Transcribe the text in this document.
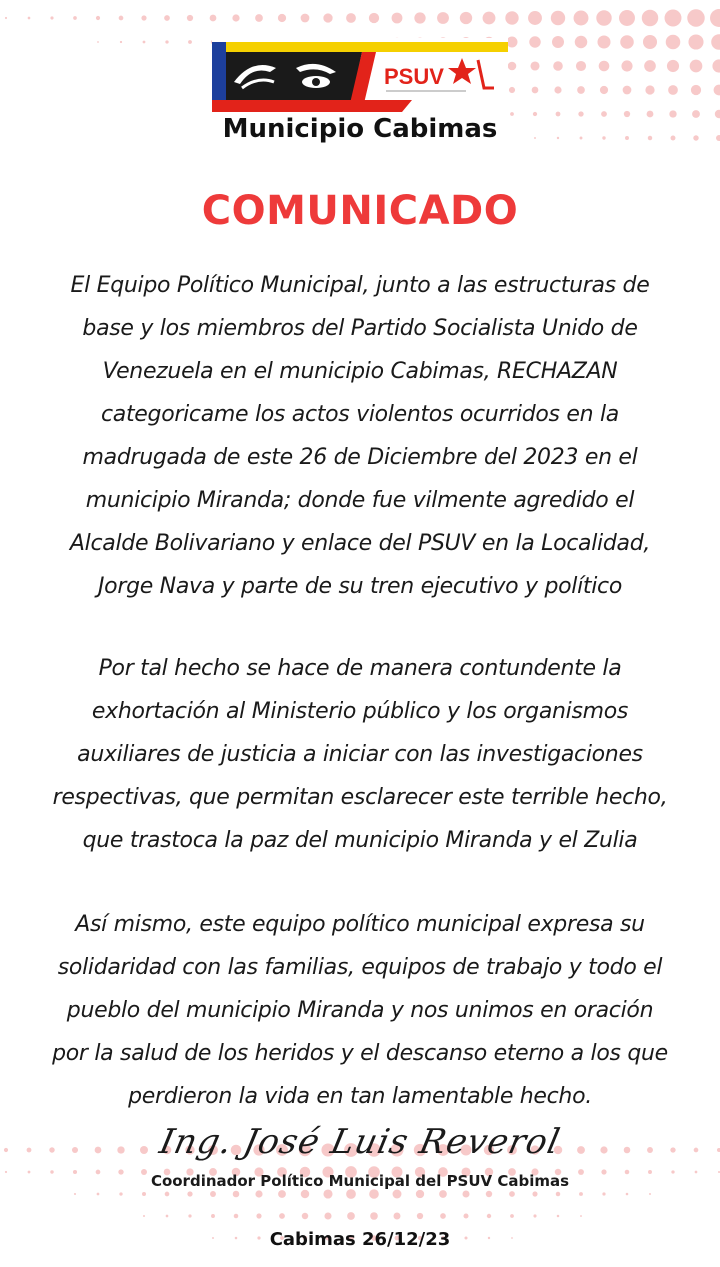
PSUV
Municipio Cabimas
COMUNICADO
El Equipo Político Municipal, junto a las estructuras de
base y los miembros del Partido Socialista Unido de
Venezuela en el municipio Cabimas, RECHAZAN
categoricame los actos violentos ocurridos en la
madrugada de este 26 de Diciembre del 2023 en el
municipio Miranda; donde fue vilmente agredido el
Alcalde Bolivariano y enlace del PSUV en la Localidad,
Jorge Nava y parte de su tren ejecutivo y político
Por tal hecho se hace de manera contundente la
exhortación al Ministerio público y los organismos
auxiliares de justicia a iniciar con las investigaciones
respectivas, que permitan esclarecer este terrible hecho,
que trastoca la paz del municipio Miranda y el Zulia
Así mismo, este equipo político municipal expresa su
solidaridad con las familias, equipos de trabajo y todo el
pueblo del municipio Miranda y nos unimos en oración
por la salud de los heridos y el descanso eterno a los que
perdieron la vida en tan lamentable hecho.
Ing. José Luis Reverol
Coordinador Político Municipal del PSUV Cabimas
Cabimas 26/12/23
